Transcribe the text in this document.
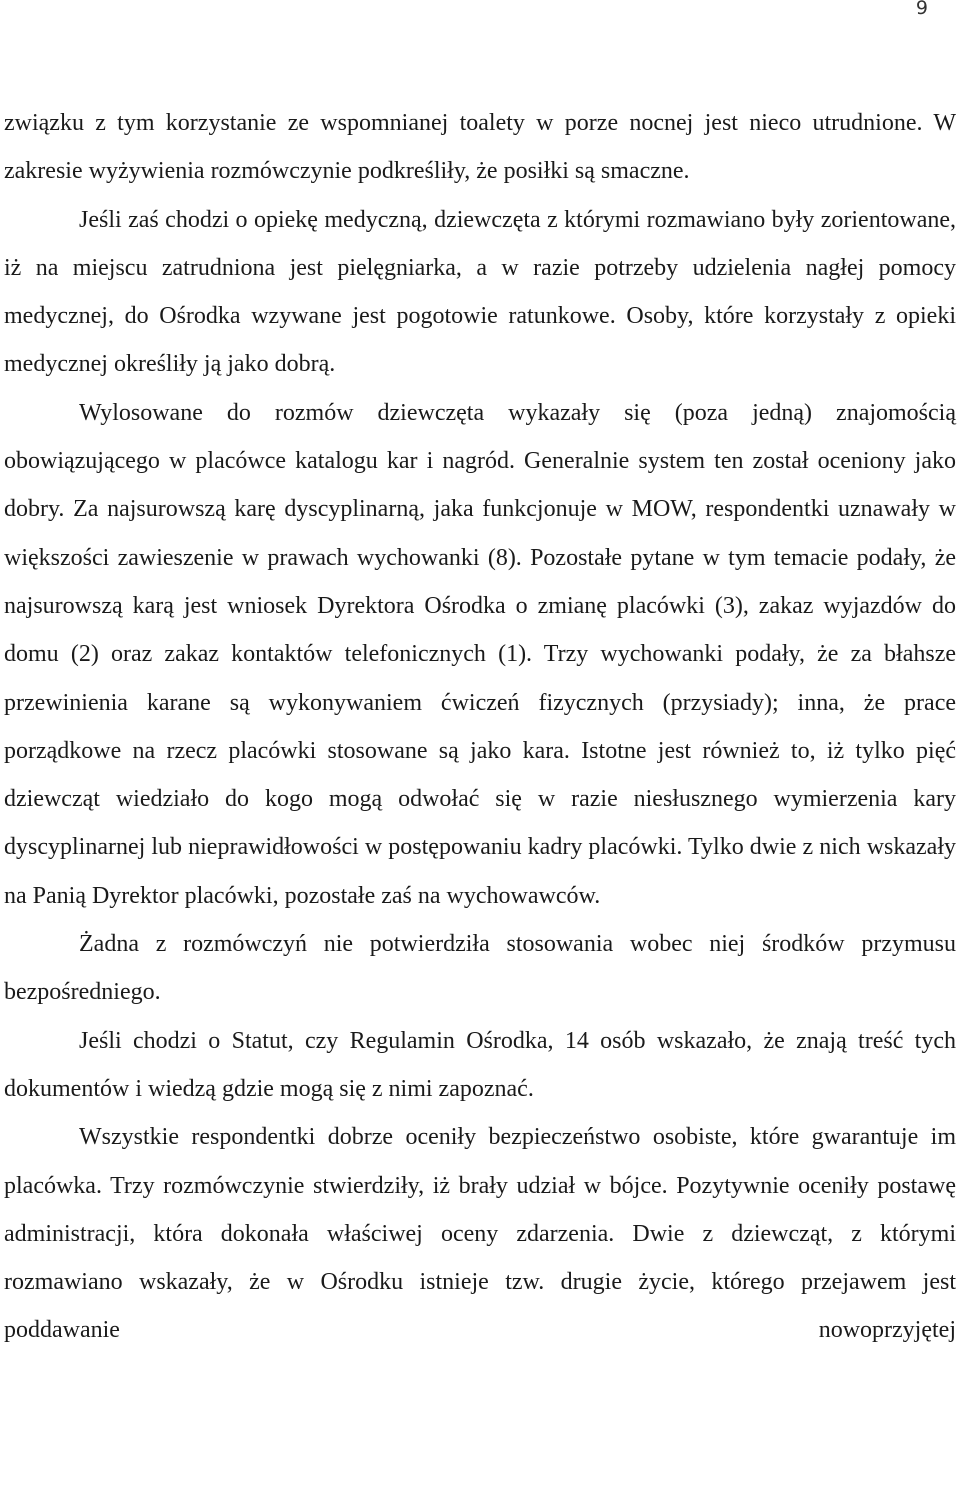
9

związku z tym korzystanie ze wspomnianej toalety w porze nocnej jest nieco utrudnione. W zakresie wyżywienia rozmówczynie podkreśliły, że posiłki są smaczne.

Jeśli zaś chodzi o opiekę medyczną, dziewczęta z którymi rozmawiano były zorientowane, iż na miejscu zatrudniona jest pielęgniarka, a w razie potrzeby udzielenia nagłej pomocy medycznej, do Ośrodka wzywane jest pogotowie ratunkowe. Osoby, które korzystały z opieki medycznej określiły ją jako dobrą.

Wylosowane do rozmów dziewczęta wykazały się (poza jedną) znajomością obowiązującego w placówce katalogu kar i nagród. Generalnie system ten został oceniony jako dobry. Za najsurowszą karę dyscyplinarną, jaka funkcjonuje w MOW, respondentki uznawały w większości zawieszenie w prawach wychowanki (8). Pozostałe pytane w tym temacie podały, że najsurowszą karą jest wniosek Dyrektora Ośrodka o zmianę placówki (3), zakaz wyjazdów do domu (2) oraz zakaz kontaktów telefonicznych (1). Trzy wychowanki podały, że za błahsze przewinienia karane są wykonywaniem ćwiczeń fizycznych (przysiady); inna, że prace porządkowe na rzecz placówki stosowane są jako kara. Istotne jest również to, iż tylko pięć dziewcząt wiedziało do kogo mogą odwołać się w razie niesłusznego wymierzenia kary dyscyplinarnej lub nieprawidłowości w postępowaniu kadry placówki. Tylko dwie z nich wskazały na Panią Dyrektor placówki, pozostałe zaś na wychowawców.

Żadna z rozmówczyń nie potwierdziła stosowania wobec niej środków przymusu bezpośredniego.

Jeśli chodzi o Statut, czy Regulamin Ośrodka, 14 osób wskazało, że znają treść tych dokumentów i wiedzą gdzie mogą się z nimi zapoznać.

Wszystkie respondentki dobrze oceniły bezpieczeństwo osobiste, które gwarantuje im placówka. Trzy rozmówczynie stwierdziły, iż brały udział w bójce. Pozytywnie oceniły postawę administracji, która dokonała właściwej oceny zdarzenia. Dwie z dziewcząt, z którymi rozmawiano wskazały, że w Ośrodku istnieje tzw. drugie życie, którego przejawem jest poddawanie nowoprzyjętej
